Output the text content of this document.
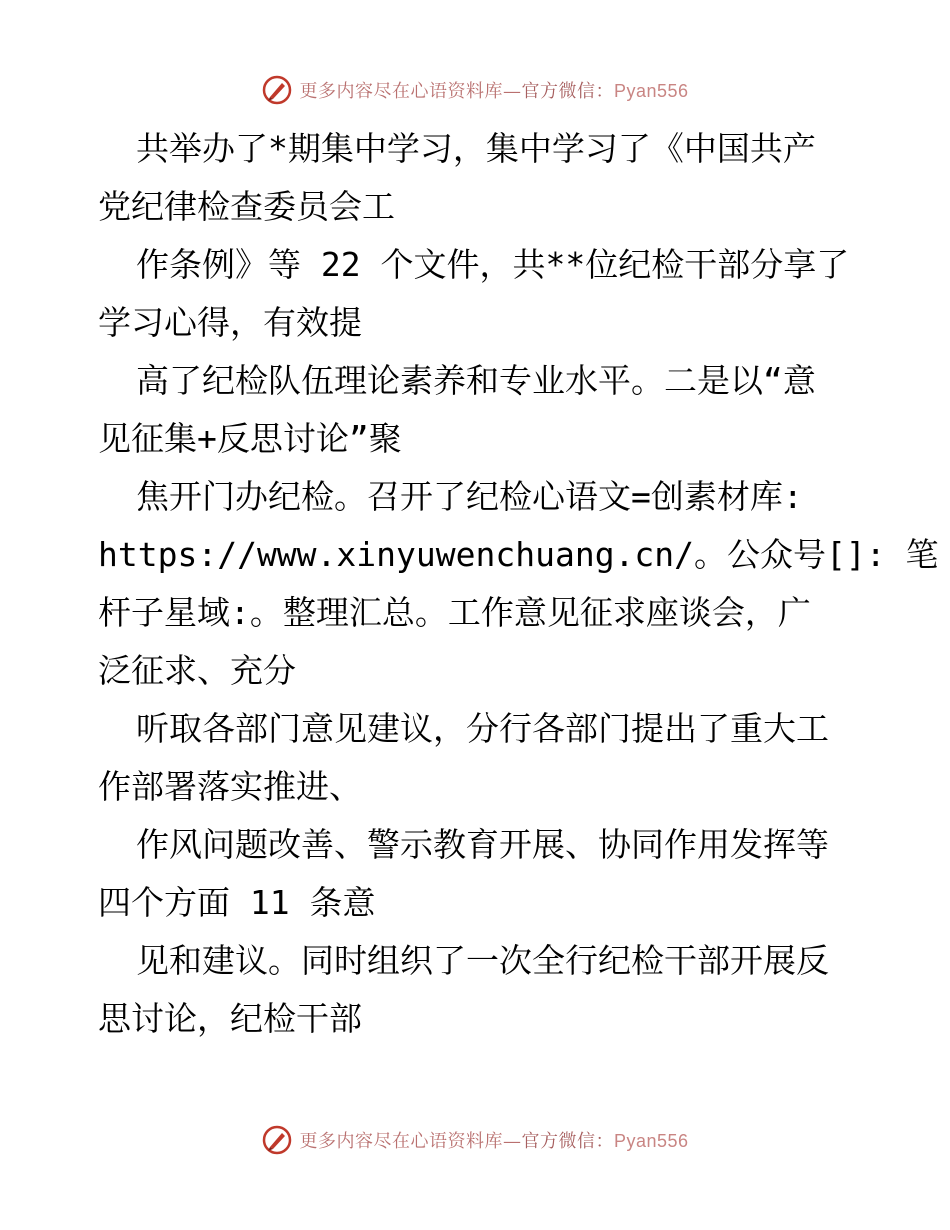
更多内容尽在心语资料库—官方微信：Pyan556
共举办了*期集中学习，集中学习了《中国共产
党纪律检查委员会工
作条例》等 22 个文件，共**位纪检干部分享了
学习心得，有效提
高了纪检队伍理论素养和专业水平。二是以“意
见征集+反思讨论”聚
焦开门办纪检。召开了纪检心语文=创素材库:
https://www.xinyuwenchuang.cn/。公众号[]: 笔
杆子星域:。整理汇总。工作意见征求座谈会，广
泛征求、充分
听取各部门意见建议，分行各部门提出了重大工
作部署落实推进、
作风问题改善、警示教育开展、协同作用发挥等
四个方面 11 条意
见和建议。同时组织了一次全行纪检干部开展反
思讨论，纪检干部
更多内容尽在心语资料库—官方微信：Pyan556
